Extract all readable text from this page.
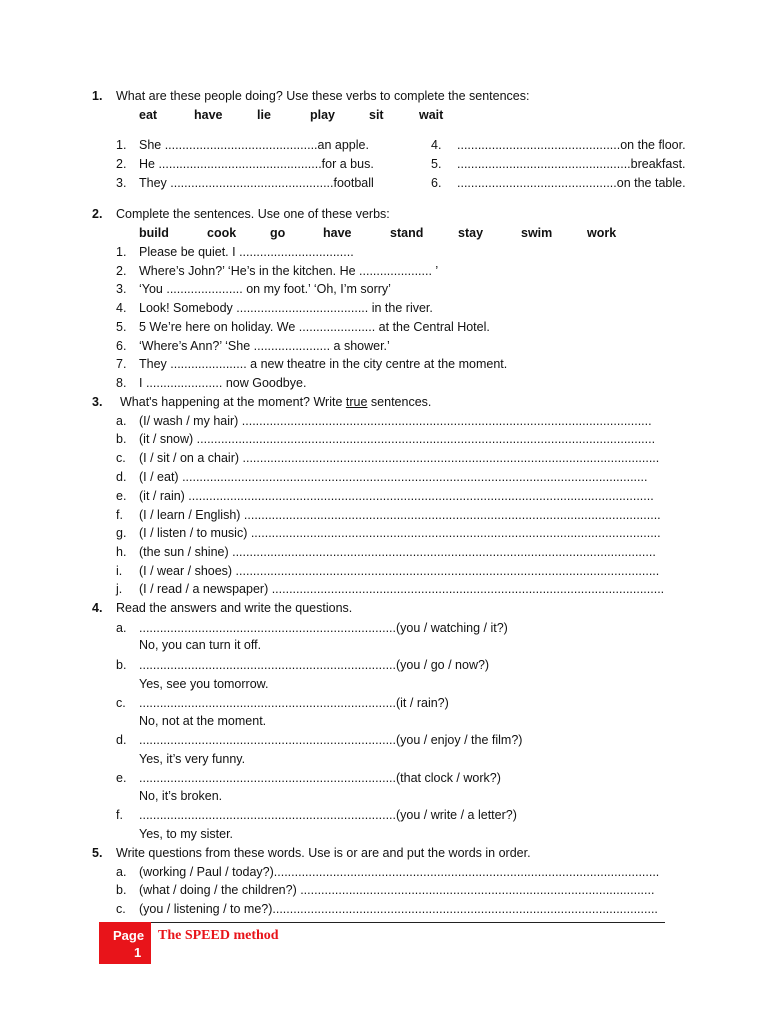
1. What are these people doing? Use these verbs to complete the sentences:
eat	have	lie	play	sit	wait
1. She ............................................an apple.
2. He ...............................................for a bus.
3. They ...............................................football
4. ...............................................on the floor.
5. ..................................................breakfast.
6. ..............................................on the table.
2. Complete the sentences. Use one of these verbs:
build	cook	go	have	stand	stay	swim	work
1. Please be quiet. I .................................
2. Where’s John?’ ‘He’s in the kitchen. He ..................... ’
3. ‘You ...................... on my foot.’ ‘Oh, I’m sorry’
4. Look! Somebody ...................................... in the river.
5. 5 We’re here on holiday. We ...................... at the Central Hotel.
6. ‘Where’s Ann?’ ‘She ...................... a shower.’
7. They ...................... a new theatre in the city centre at the moment.
8. I ...................... now Goodbye.
3. What's happening at the moment? Write true sentences.
a. (I/ wash / my hair) ......................................................................................................................
b. (it / snow) ....................................................................................................................................
c. (I / sit / on a chair) ........................................................................................................................
d. (I / eat) ......................................................................................................................................
e. (it / rain) ......................................................................................................................................
f. (I / learn / English) ........................................................................................................................
g. (I / listen / to music) ......................................................................................................................
h. (the sun / shine) ..........................................................................................................................
i. (I / wear / shoes) ..........................................................................................................................
j. (I / read / a newspaper) .................................................................................................................
4. Read the answers and write the questions.
a. ..........................................................................(you / watching / it?)
No, you can turn it off.
b. ..........................................................................(you / go / now?)
Yes, see you tomorrow.
c. ..........................................................................(it / rain?)
No, not at the moment.
d. ..........................................................................(you / enjoy / the film?)
Yes, it’s very funny.
e. ..........................................................................(that clock / work?)
No, it’s broken.
f. ..........................................................................(you / write / a letter?)
Yes, to my sister.
5. Write questions from these words. Use is or are and put the words in order.
a. (working / Paul / today?)...............................................................................................................
b. (what / doing / the children?) ......................................................................................................
c. (you / listening / to me?)...............................................................................................................
Page
1
The SPEED method
